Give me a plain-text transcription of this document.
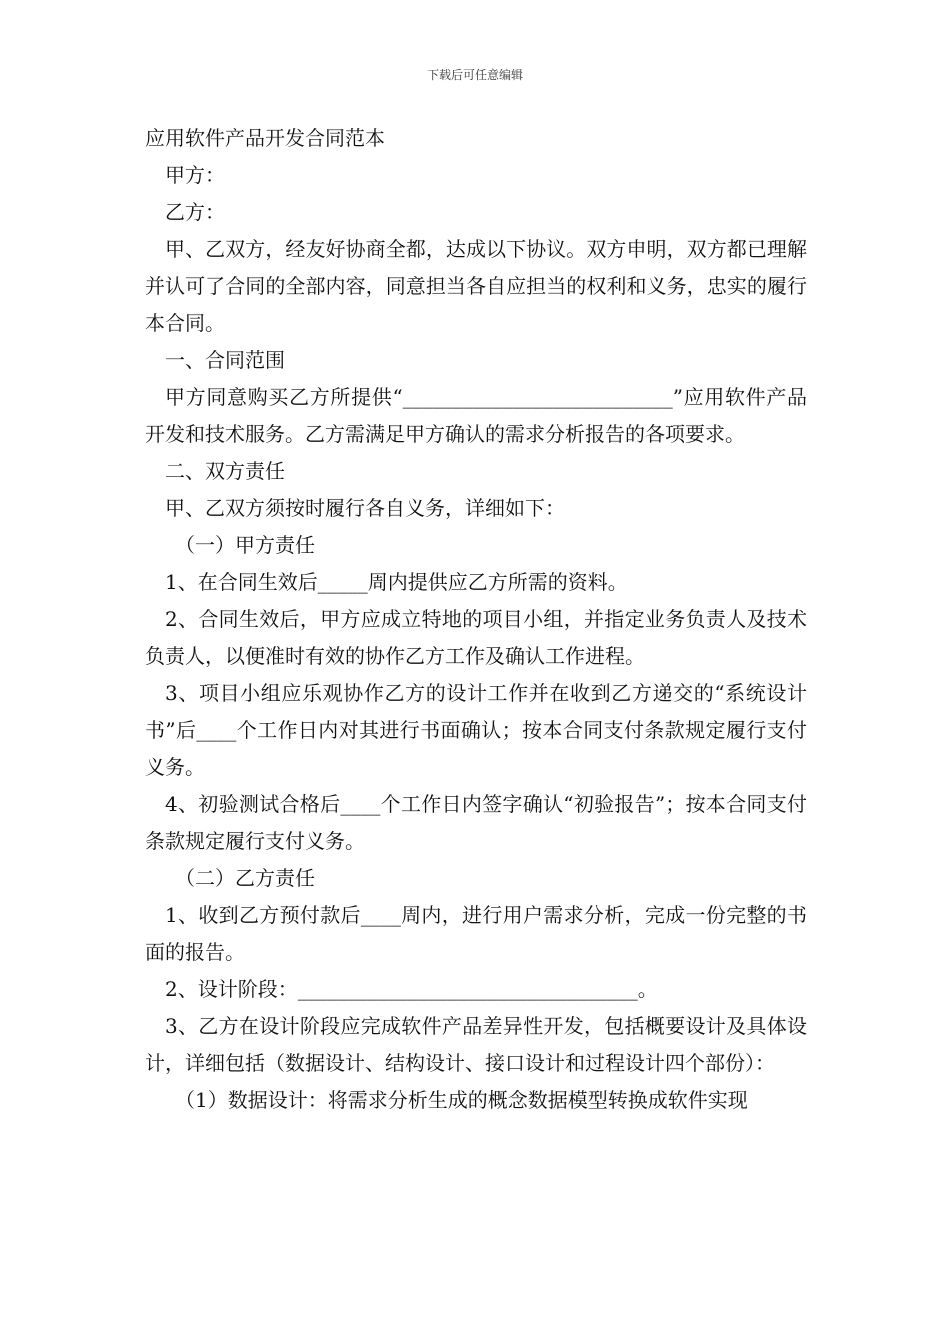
下载后可任意编辑
应用软件产品开发合同范本

甲方：

乙方：

甲、乙双方，经友好协商全都，达成以下协议。双方申明，双方都已理解并认可了合同的全部内容，同意担当各自应担当的权利和义务，忠实的履行本合同。

一、合同范围

甲方同意购买乙方所提供“___________________________”应用软件产品开发和技术服务。乙方需满足甲方确认的需求分析报告的各项要求。

二、双方责任

甲、乙双方须按时履行各自义务，详细如下：

（一）甲方责任

1、在合同生效后_____周内提供应乙方所需的资料。

2、合同生效后，甲方应成立特地的项目小组，并指定业务负责人及技术负责人，以便准时有效的协作乙方工作及确认工作进程。

3、项目小组应乐观协作乙方的设计工作并在收到乙方递交的“系统设计书”后____个工作日内对其进行书面确认；按本合同支付条款规定履行支付义务。

4、初验测试合格后____个工作日内签字确认“初验报告”；按本合同支付条款规定履行支付义务。

（二）乙方责任

1、收到乙方预付款后____周内，进行用户需求分析，完成一份完整的书面的报告。

2、设计阶段：__________________________________。

3、乙方在设计阶段应完成软件产品差异性开发，包括概要设计及具体设计，详细包括（数据设计、结构设计、接口设计和过程设计四个部份）：

（1）数据设计：将需求分析生成的概念数据模型转换成软件实现
